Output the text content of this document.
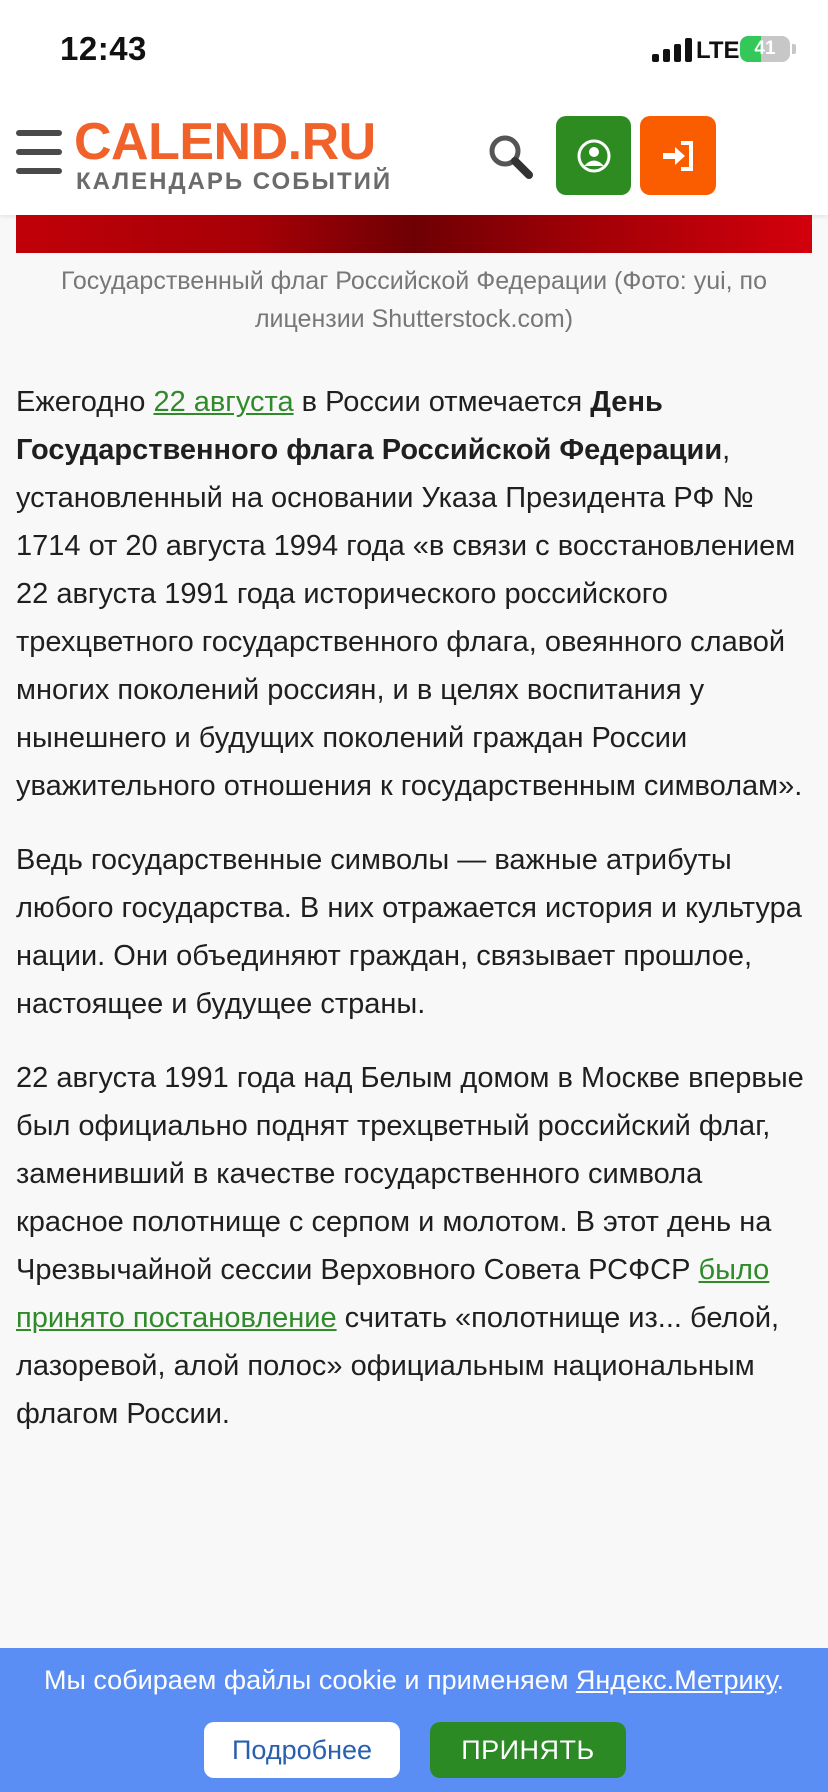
12:43	LTE 41
CALEND.RU
КАЛЕНДАРЬ СОБЫТИЙ
Государственный флаг Российской Федерации (Фото: yui, по лицензии Shutterstock.com)

Ежегодно 22 августа в России отмечается День Государственного флага Российской Федерации, установленный на основании Указа Президента РФ № 1714 от 20 августа 1994 года «в связи с восстановлением 22 августа 1991 года исторического российского трехцветного государственного флага, овеянного славой многих поколений россиян, и в целях воспитания у нынешнего и будущих поколений граждан России уважительного отношения к государственным символам».

Ведь государственные символы — важные атрибуты любого государства. В них отражается история и культура нации. Они объединяют граждан, связывает прошлое, настоящее и будущее страны.

22 августа 1991 года над Белым домом в Москве впервые был официально поднят трехцветный российский флаг, заменивший в качестве государственного символа красное полотнище с серпом и молотом. В этот день на Чрезвычайной сессии Верховного Совета РСФСР было принято постановление считать «полотнище из... белой, лазоревой, алой полос» официальным национальным флагом России.

Мы собираем файлы cookie и применяем Яндекс.Метрику.
Подробнее	ПРИНЯТЬ
